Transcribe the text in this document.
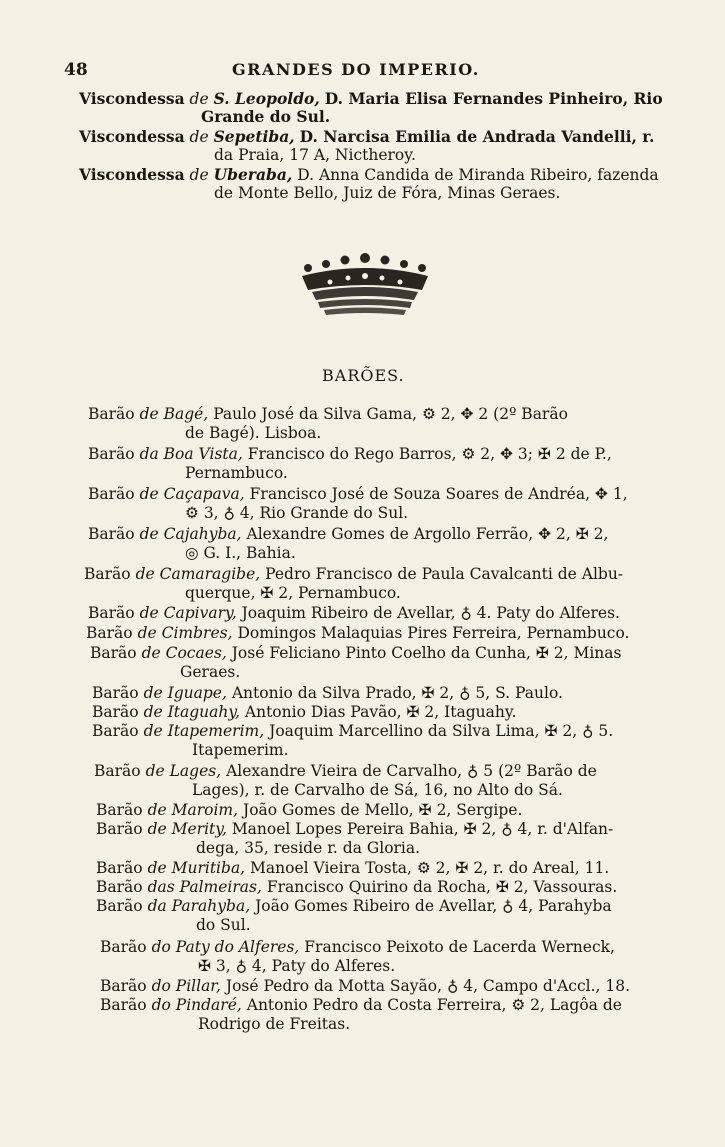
48	GRANDES DO IMPERIO.
Viscondessa de S. Leopoldo, D. Maria Elisa Fernandes Pinheiro, Rio
Grande do Sul.
Viscondessa de Sepetiba, D. Narcisa Emilia de Andrada Vandelli, r.
da Praia, 17 A, Nictheroy.
Viscondessa de Uberaba, D. Anna Candida de Miranda Ribeiro, fazenda
de Monte Bello, Juiz de Fóra, Minas Geraes.
BARÕES.
Barão de Bagé, Paulo José da Silva Gama, ⚙ 2, ✥ 2 (2º Barão
de Bagé). Lisboa.
Barão da Boa Vista, Francisco do Rego Barros, ⚙ 2, ✥ 3; ✠ 2 de P.,
Pernambuco.
Barão de Caçapava, Francisco José de Souza Soares de Andréa, ✥ 1,
⚙ 3, ♁ 4, Rio Grande do Sul.
Barão de Cajahyba, Alexandre Gomes de Argollo Ferrão, ✥ 2, ✠ 2,
◎ G. I., Bahia.
Barão de Camaragibe, Pedro Francisco de Paula Cavalcanti de Albu-
querque, ✠ 2, Pernambuco.
Barão de Capivary, Joaquim Ribeiro de Avellar, ♁ 4. Paty do Alferes.
Barão de Cimbres, Domingos Malaquias Pires Ferreira, Pernambuco.
Barão de Cocaes, José Feliciano Pinto Coelho da Cunha, ✠ 2, Minas
Geraes.
Barão de Iguape, Antonio da Silva Prado, ✠ 2, ♁ 5, S. Paulo.
Barão de Itaguahy, Antonio Dias Pavão, ✠ 2, Itaguahy.
Barão de Itapemerim, Joaquim Marcellino da Silva Lima, ✠ 2, ♁ 5.
Itapemerim.
Barão de Lages, Alexandre Vieira de Carvalho, ♁ 5 (2º Barão de
Lages), r. de Carvalho de Sá, 16, no Alto do Sá.
Barão de Maroim, João Gomes de Mello, ✠ 2, Sergipe.
Barão de Merity, Manoel Lopes Pereira Bahia, ✠ 2, ♁ 4, r. d'Alfan-
dega, 35, reside r. da Gloria.
Barão de Muritiba, Manoel Vieira Tosta, ⚙ 2, ✠ 2, r. do Areal, 11.
Barão das Palmeiras, Francisco Quirino da Rocha, ✠ 2, Vassouras.
Barão da Parahyba, João Gomes Ribeiro de Avellar, ♁ 4, Parahyba
do Sul.
Barão do Paty do Alferes, Francisco Peixoto de Lacerda Werneck,
✠ 3, ♁ 4, Paty do Alferes.
Barão do Pillar, José Pedro da Motta Sayão, ♁ 4, Campo d'Accl., 18.
Barão do Pindaré, Antonio Pedro da Costa Ferreira, ⚙ 2, Lagôa de
Rodrigo de Freitas.
